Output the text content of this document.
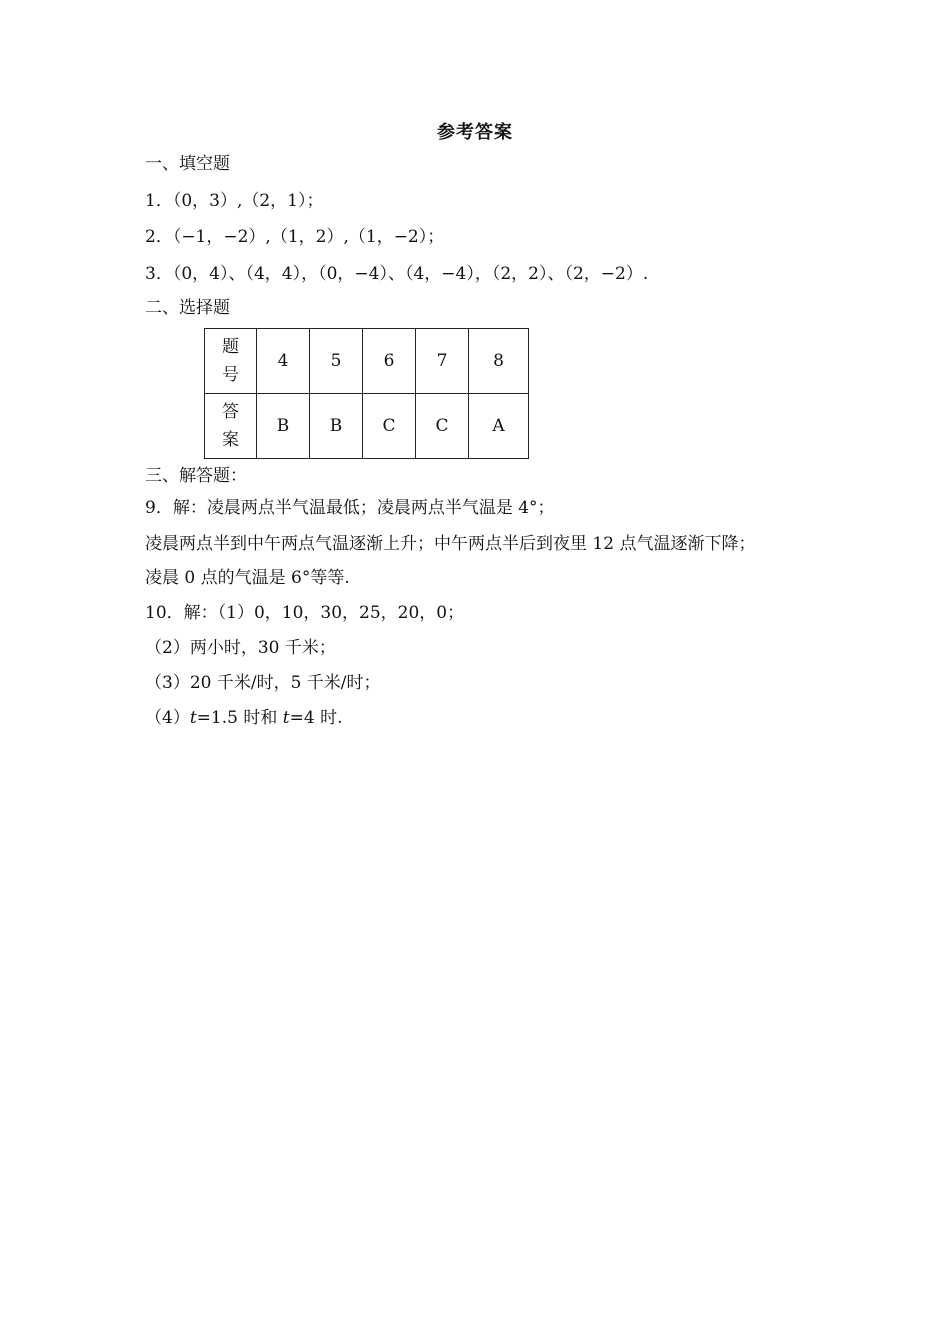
参考答案
一、填空题
1．（0，3）,（2，1）；
2．（−1，−2）,（1，2）,（1，−2）；
3．（0，4）、（4，4），（0，−4）、（4，−4），（2，2）、（2，−2）.
二、选择题
题
号	4	5	6	7	8

答
案	B	B	C	C	A
三、解答题：
9．解：凌晨两点半气温最低；凌晨两点半气温是 4°；
凌晨两点半到中午两点气温逐渐上升；中午两点半后到夜里 12 点气温逐渐下降；
凌晨 0 点的气温是 6°等等.
10．解：（1）0，10，30，25，20，0；
（2）两小时，30 千米；
（3）20 千米/时，5 千米/时；
（4）t=1.5 时和 t=4 时.
